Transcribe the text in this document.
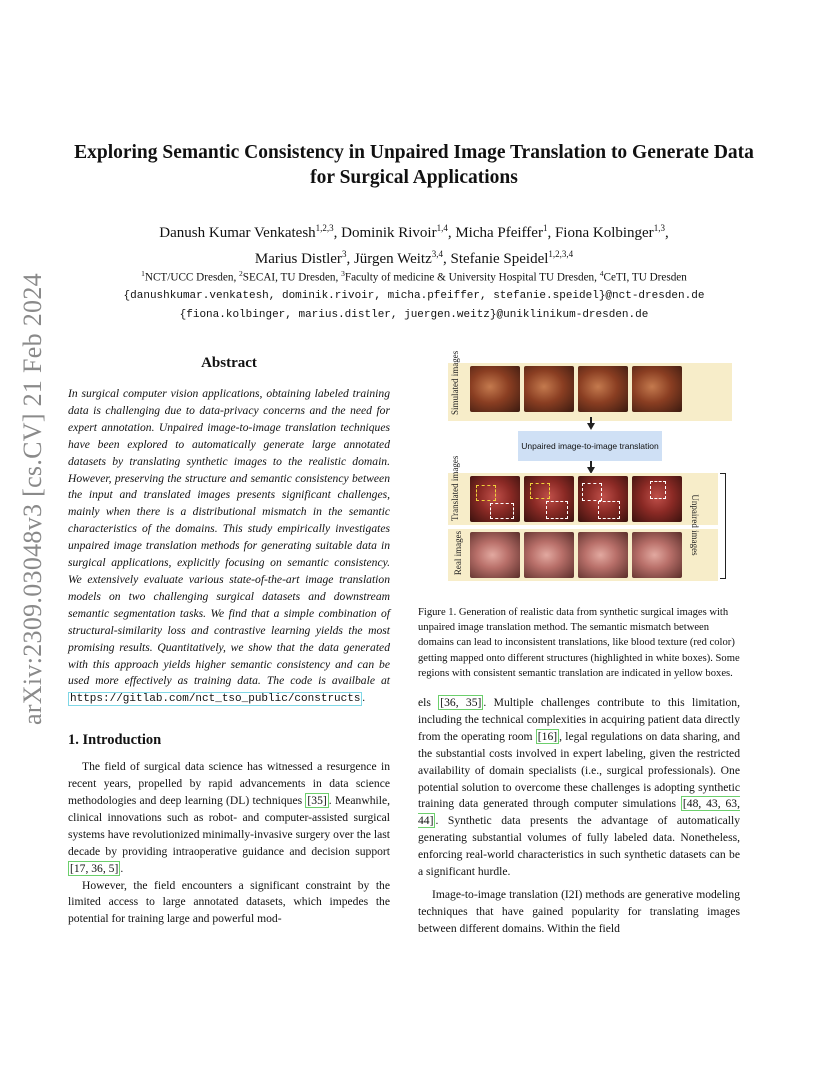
arXiv:2309.03048v3 [cs.CV] 21 Feb 2024
Exploring Semantic Consistency in Unpaired Image Translation to Generate Data for Surgical Applications
Danush Kumar Venkatesh$^{1,2,3}$, Dominik Rivoir$^{1,4}$, Micha Pfeiffer$^1$, Fiona Kolbinger$^{1,3}$,
Marius Distler$^3$, Jürgen Weitz$^{3,4}$, Stefanie Speidel$^{1,2,3,4}$
$^1$NCT/UCC Dresden, $^2$SECAI, TU Dresden, $^3$Faculty of medicine & University Hospital TU Dresden, $^4$CeTI, TU Dresden
{danushkumar.venkatesh, dominik.rivoir, micha.pfeiffer, stefanie.speidel}@nct-dresden.de
{fiona.kolbinger, marius.distler, juergen.weitz}@uniklinikum-dresden.de
Abstract

In surgical computer vision applications, obtaining labeled training data is challenging due to data-privacy concerns and the need for expert annotation. Unpaired image-to-image translation techniques have been explored to automatically generate large annotated datasets by translating synthetic images to the realistic domain. However, preserving the structure and semantic consistency between the input and translated images presents significant challenges, mainly when there is a distributional mismatch in the semantic characteristics of the domains. This study empirically investigates unpaired image translation methods for generating suitable data in surgical applications, explicitly focusing on semantic consistency. We extensively evaluate various state-of-the-art image translation models on two challenging surgical datasets and downstream semantic segmentation tasks. We find that a simple combination of structural-similarity loss and contrastive learning yields the most promising results. Quantitatively, we show that the data generated with this approach yields higher semantic consistency and can be used more effectively as training data. The code is availbale at https://gitlab.com/nct_tso_public/constructs .

1. Introduction

The field of surgical data science has witnessed a resurgence in recent years, propelled by rapid advancements in data science methodologies and deep learning (DL) techniques [35] . Meanwhile, clinical innovations such as robot- and computer-assisted surgical systems have revolutionized minimally-invasive surgery over the last decade by providing intraoperative guidance and decision support [17, 36, 5] .

However, the field encounters a significant constraint by the limited access to large annotated datasets, which impedes the potential for training large and powerful mod-

Simulated images
Unpaired image-to-image translation
Translated images
Real images	Unpaired images

Figure 1. Generation of realistic data from synthetic surgical images with unpaired image translation method. The semantic mismatch between domains can lead to inconsistent translations, like blood texture (red color) getting mapped onto different structures (highlighted in white boxes). Some regions with consistent semantic translation are indicated in yellow boxes.

els [36, 35] . Multiple challenges contribute to this limitation, including the technical complexities in acquiring patient data directly from the operating room [16] , legal regulations on data sharing, and the substantial costs involved in expert labeling, given the restricted availability of domain specialists (i.e., surgical professionals). One potential solution to overcome these challenges is adopting synthetic training data generated through computer simulations [48, 43, 63, 44] . Synthetic data presents the advantage of automatically generating substantial volumes of fully labeled data. Nonetheless, enforcing real-world characteristics in such synthetic datasets can be a significant hurdle.

Image-to-image translation (I2I) methods are generative modeling techniques that have gained popularity for translating images between different domains. Within the field
